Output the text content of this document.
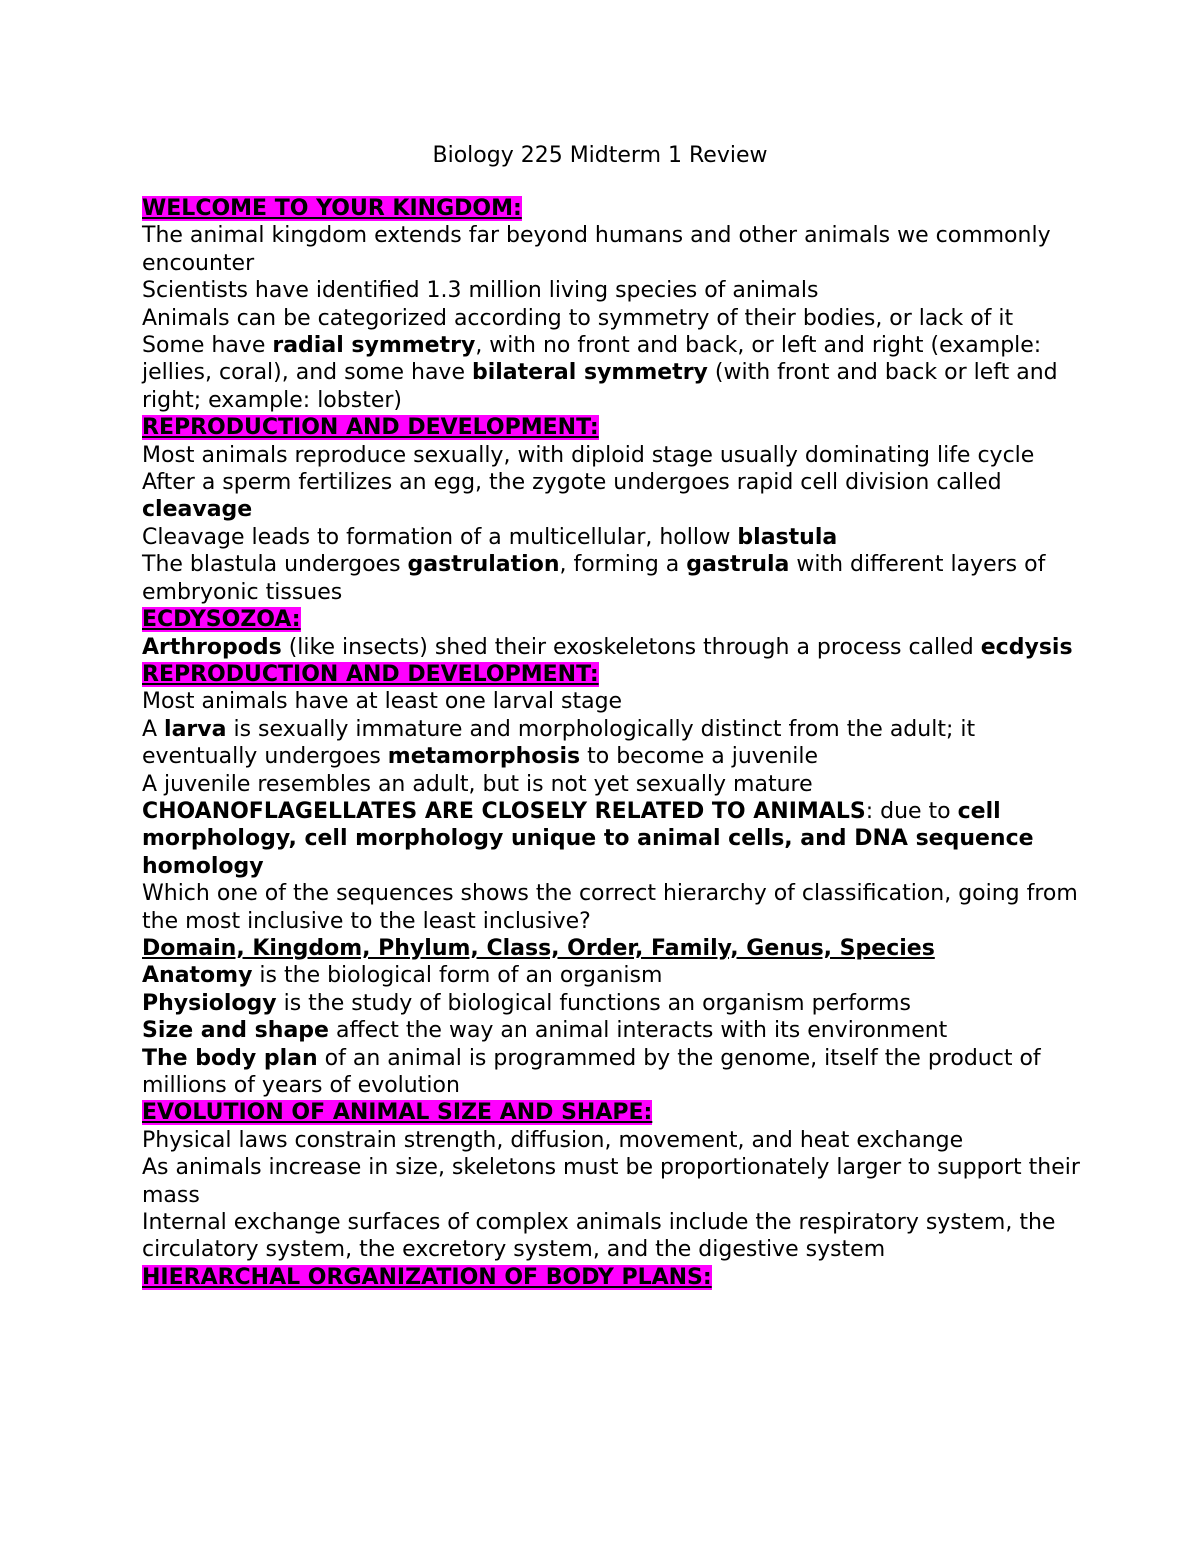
Biology 225 Midterm 1 Review

WELCOME TO YOUR KINGDOM:

The animal kingdom extends far beyond humans and other animals we commonly encounter

Scientists have identified 1.3 million living species of animals

Animals can be categorized according to symmetry of their bodies, or lack of it

Some have radial symmetry, with no front and back, or left and right (example: jellies, coral), and some have bilateral symmetry (with front and back or left and right; example: lobster)

REPRODUCTION AND DEVELOPMENT:

Most animals reproduce sexually, with diploid stage usually dominating life cycle

After a sperm fertilizes an egg, the zygote undergoes rapid cell division called cleavage

Cleavage leads to formation of a multicellular, hollow blastula

The blastula undergoes gastrulation, forming a gastrula with different layers of embryonic tissues

ECDYSOZOA:

Arthropods (like insects) shed their exoskeletons through a process called ecdysis

REPRODUCTION AND DEVELOPMENT:

Most animals have at least one larval stage

A larva is sexually immature and morphologically distinct from the adult; it eventually undergoes metamorphosis to become a juvenile

A juvenile resembles an adult, but is not yet sexually mature

CHOANOFLAGELLATES ARE CLOSELY RELATED TO ANIMALS: due to cell morphology, cell morphology unique to animal cells, and DNA sequence homology

Which one of the sequences shows the correct hierarchy of classification, going from the most inclusive to the least inclusive?

Domain, Kingdom, Phylum, Class, Order, Family, Genus, Species

Anatomy is the biological form of an organism

Physiology is the study of biological functions an organism performs

Size and shape affect the way an animal interacts with its environment

The body plan of an animal is programmed by the genome, itself the product of millions of years of evolution

EVOLUTION OF ANIMAL SIZE AND SHAPE:

Physical laws constrain strength, diffusion, movement, and heat exchange

As animals increase in size, skeletons must be proportionately larger to support their mass

Internal exchange surfaces of complex animals include the respiratory system, the circulatory system, the excretory system, and the digestive system

HIERARCHAL ORGANIZATION OF BODY PLANS:
